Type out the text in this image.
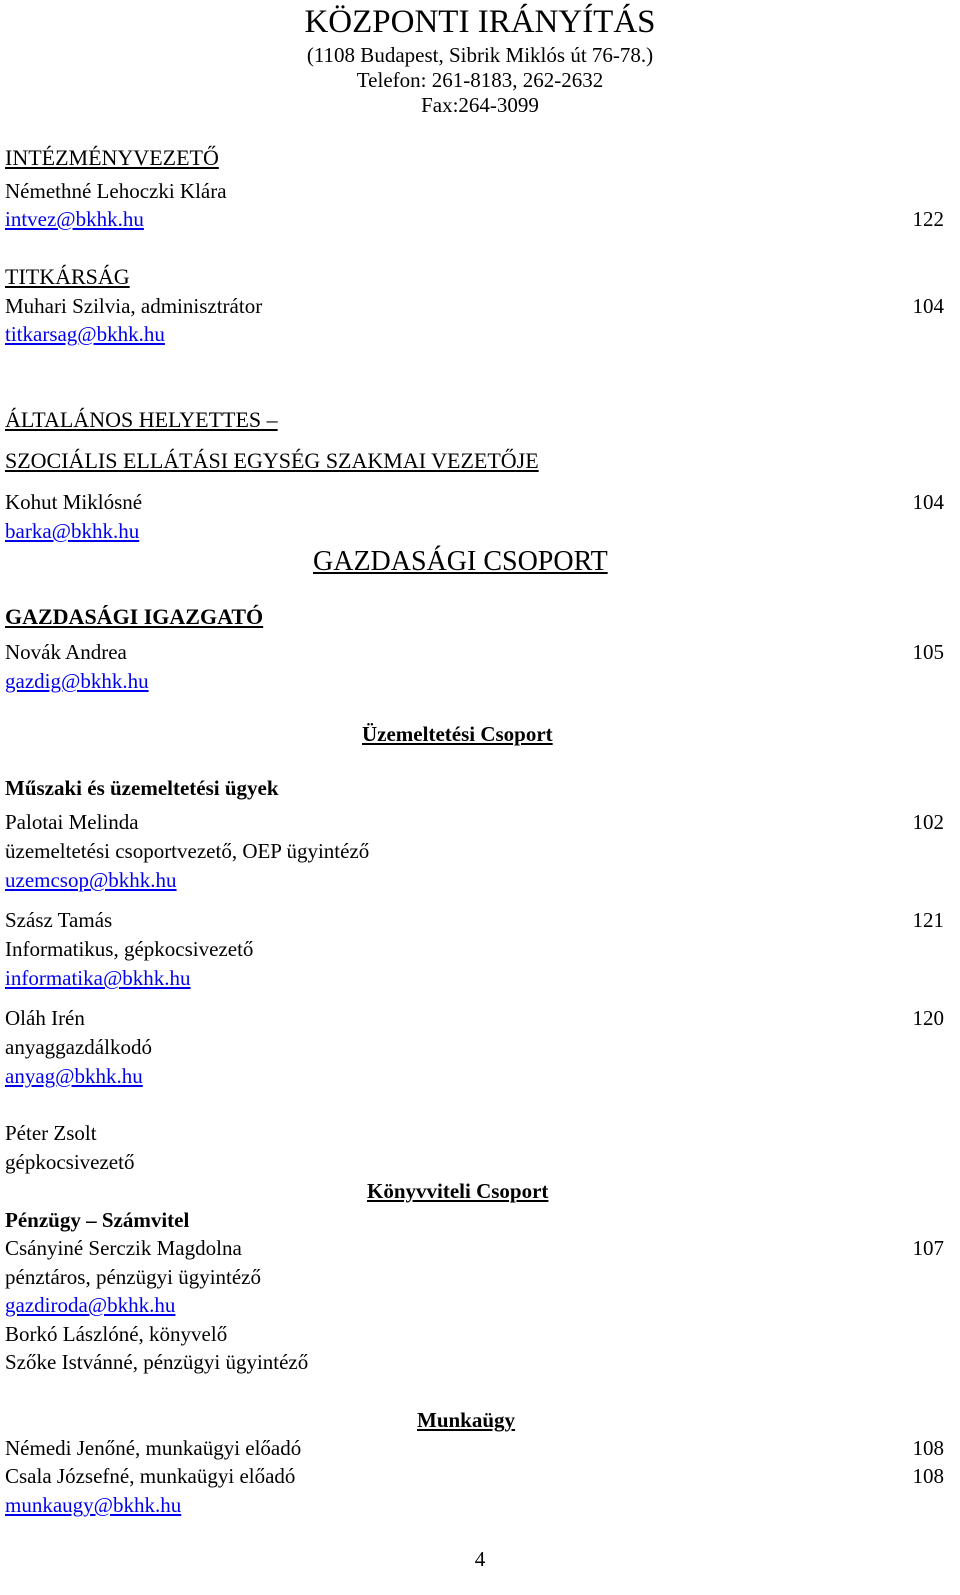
KÖZPONTI IRÁNYÍTÁS
(1108 Budapest, Sibrik Miklós út 76-78.)
Telefon: 261-8183, 262-2632
Fax:264-3099
INTÉZMÉNYVEZETŐ
Némethné Lehoczki Klára
intvez@bkhk.hu	122
TITKÁRSÁG
Muhari Szilvia, adminisztrátor	104
titkarsag@bkhk.hu
ÁLTALÁNOS HELYETTES –
SZOCIÁLIS ELLÁTÁSI EGYSÉG SZAKMAI VEZETŐJE
Kohut Miklósné	104
barka@bkhk.hu
GAZDASÁGI CSOPORT
GAZDASÁGI IGAZGATÓ
Novák Andrea	105
gazdig@bkhk.hu
Üzemeltetési Csoport
Műszaki és üzemeltetési ügyek
Palotai Melinda	102
üzemeltetési csoportvezető, OEP ügyintéző
uzemcsop@bkhk.hu
Szász Tamás	121
Informatikus, gépkocsivezető
informatika@bkhk.hu
Oláh Irén	120
anyaggazdálkodó
anyag@bkhk.hu
Péter Zsolt
gépkocsivezető
Könyvviteli Csoport
Pénzügy – Számvitel
Csányiné Serczik Magdolna	107
pénztáros, pénzügyi ügyintéző
gazdiroda@bkhk.hu
Borkó Lászlóné, könyvelő
Szőke Istvánné, pénzügyi ügyintéző
Munkaügy
Némedi Jenőné, munkaügyi előadó	108
Csala Józsefné, munkaügyi előadó	108
munkaugy@bkhk.hu
4
